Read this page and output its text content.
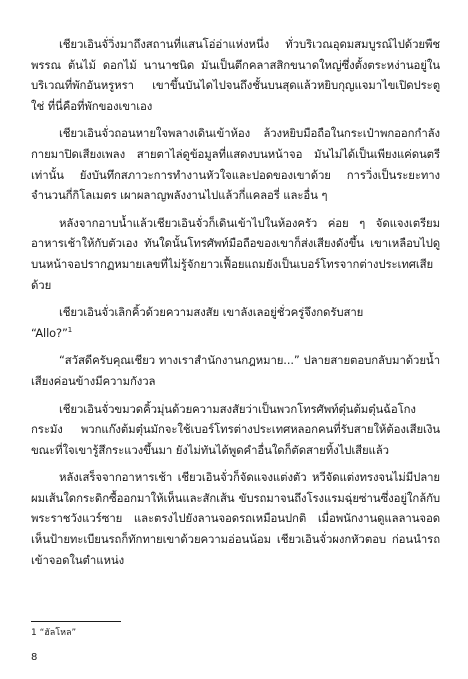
เชียวเอินจั่วิ่งมาถึงสถานที่แสนโอ่อ่าแห่งหนึ่ง ทั่วบริเวณอุดมสมบูรณ์ไปด้วยพืชพรรณ ต้นไม้ ดอกไม้ นานาชนิด มันเป็นตึกคลาสสิกขนาดใหญ่ซึ่งตั้งตระหง่านอยู่ในบริเวณที่พักอันหรูหรา เขาขึ้นบันไดไปจนถึงชั้นบนสุดแล้วหยิบกุญแจมาไขเปิดประตู ใช่ ที่นี่คือที่พักของเขาเอง

เชียวเอินจั่วถอนหายใจพลางเดินเข้าห้อง ล้วงหยิบมือถือในกระเป๋าพกออกกำลังกายมาปิดเสียงเพลง สายตาไล่ดูข้อมูลที่แสดงบนหน้าจอ มันไม่ได้เป็นเพียงแค่ดนตรีเท่านั้น ยังบันทึกสภาวะการทำงานหัวใจและปอดของเขาด้วย การวิ่งเป็นระยะทางจำนวนกี่กิโลเมตร เผาผลาญพลังงานไปแล้วกี่แคลอรี่ และอื่น ๆ

หลังจากอาบน้ำแล้วเชียวเอินจั่วก็เดินเข้าไปในห้องครัว ค่อย ๆ จัดแจงเตรียมอาหารเช้าให้กับตัวเอง ทันใดนั้นโทรศัพท์มือถือของเขาก็ส่งเสียงดังขึ้น เขาเหลือบไปดู บนหน้าจอปรากฏหมายเลขที่ไม่รู้จักยาวเฟื้อยแถมยังเป็นเบอร์โทรจากต่างประเทศเสียด้วย

เชียวเอินจั่วเลิกคิ้วด้วยความสงสัย เขาลังเลอยู่ชั่วครู่จึงกดรับสาย

“Allo?”$^1$

“สวัสดีครับคุณเชียว ทางเราสำนักงานกฎหมาย...” ปลายสายตอบกลับมาด้วยน้ำเสียงค่อนข้างมีความกังวล

เชียวเอินจั่วขมวดคิ้วมุ่นด้วยความสงสัยว่าเป็นพวกโทรศัพท์ตุ๋นต้มตุ๋นฉ้อโกงกระมัง พวกแก๊งต้มตุ๋นมักจะใช้เบอร์โทรต่างประเทศหลอกคนที่รับสายให้ต้องเสียเงิน ขณะที่ใจเขารู้สึกระแวงขึ้นมา ยังไม่ทันได้พูดคำอื่นใดก็ตัดสายทิ้งไปเสียแล้ว

หลังเสร็จจากอาหารเช้า เชียวเอินจั่วก็จัดแจงแต่งตัว หวีจัดแต่งทรงจนไม่มีปลายผมเส้นใดกระดิกซื้ออกมาให้เห็นและสักเส้น ขับรถมาจนถึงโรงแรมฉุ่ยซ่านซึ่งอยู่ใกล้กับพระราชวังแวร์ซาย และตรงไปยังลานจอดรถเหมือนปกติ เมื่อพนักงานดูแลลานจอดเห็นป้ายทะเบียนรถก็ทักทายเขาด้วยความอ่อนน้อม เชียวเอินจั่วผงกหัวตอบ ก่อนนำรถเข้าจอดในตำแหน่ง

1 “ฮัลโหล”
8
